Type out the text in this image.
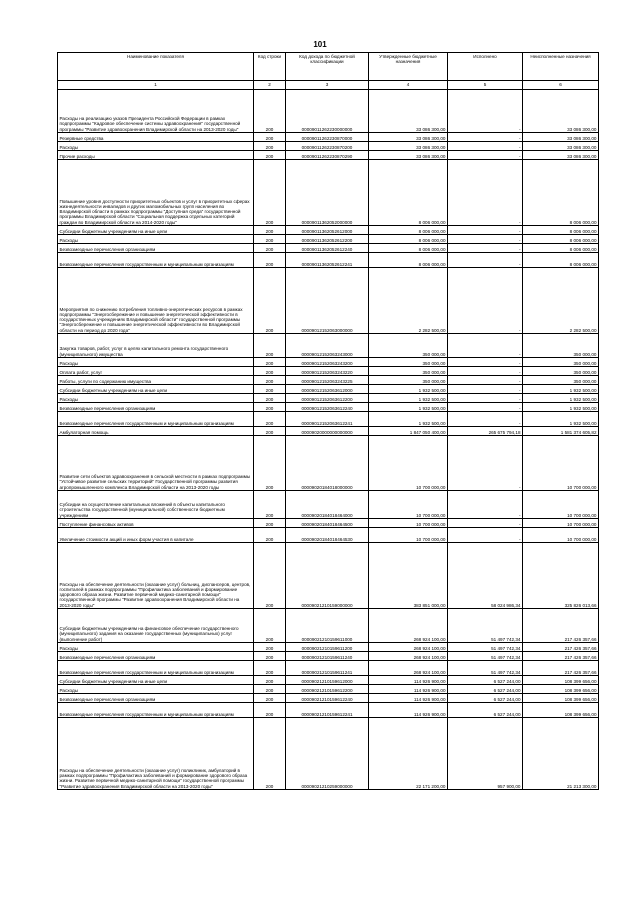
101
Наименование показателя	Код строки	Код дохода по бюджетной классификации	Утвержденные бюджетные назначения	Исполнено	Неисполненные назначения
1	2	3	4	5	6
Расходы на реализацию указов Президента Российской Федерации в рамках подпрограммы "Кадровое обеспечение системы здравоохранения" государственной программы "Развитие здравоохранения Владимирской области на 2013-2020 годы"	200	00009011262230000000	33 086 300,00	-	33 086 300,00
Резервные средства	200	00009011262230870000	33 086 300,00	-	33 086 300,00
Расходы	200	00009011262230870200	33 086 300,00	-	33 086 300,00
Прочие расходы	200	00009011262230870290	33 086 300,00	-	33 086 300,00
Повышение уровня доступности приоритетных объектов и услуг в приоритетных сферах жизнедеятельности инвалидов и других маломобильных групп населения во Владимирской области в рамках подпрограммы "Доступная среда" государственной программы Владимирской области "Социальная поддержка отдельных категорий граждан во Владимирской области на 2014-2020 годы"	200	00009011362052000000	8 006 000,00	-	8 006 000,00
Субсидии бюджетным учреждениям на иные цели	200	00009011362052612000	8 006 000,00	-	8 006 000,00
Расходы	200	00009011362052612200	8 006 000,00	-	8 006 000,00
Безвозмездные перечисления организациям	200	00009011362052612240	8 006 000,00	-	8 006 000,00
Безвозмездные перечисления государственным и муниципальным организациям	200	00009011362052612241	8 006 000,00	-	8 006 000,00
Мероприятия по снижению потребления топливно-энергетических ресурсов в рамках подпрограммы "Энергосбережение и повышение энергетической эффективности в государственных учреждениях Владимирской области" государственной программы "Энергосбережение и повышение энергетической эффективности во Владимирской области на период до 2020 года"	200	00009012152063000000	2 282 500,00	-	2 282 500,00
Закупка товаров, работ, услуг в целях капитального ремонта государственного (муниципального) имущества	200	00009012152063243000	350 000,00	-	350 000,00
Расходы	200	00009012152063243200	350 000,00	-	350 000,00
Оплата работ, услуг	200	00009012152063243220	350 000,00	-	350 000,00
Работы, услуги по содержанию имущества	200	00009012152063243225	350 000,00	-	350 000,00
Субсидии бюджетным учреждениям на иные цели	200	00009012152063612000	1 932 500,00	-	1 932 500,00
Расходы	200	00009012152063612200	1 932 500,00	-	1 932 500,00
Безвозмездные перечисления организациям	200	00009012152063612240	1 932 500,00	-	1 932 500,00
Безвозмездные перечисления государственным и муниципальным организациям	200	00009012152063612241	1 932 500,00	-	1 932 500,00
Амбулаторная помощь	200	00009020000000000000	1 847 050 400,00	265 675 794,18	1 581 374 605,82
Развитие сети объектов здравоохранения в сельской местности в рамках подпрограммы "Устойчивое развитие сельских территорий" Государственной программы развития агропромышленного комплекса Владимирской области на 2013-2020 годы	200	00009020184018000000	10 700 000,00	-	10 700 000,00
Субсидии на осуществление капитальных вложений в объекты капитального строительства государственной (муниципальной) собственности бюджетным учреждениям	200	00009020184018464000	10 700 000,00	-	10 700 000,00
Поступление финансовых активов	200	00009020184018464500	10 700 000,00	-	10 700 000,00
Увеличение стоимости акций и иных форм участия в капитале	200	00009020184018464530	10 700 000,00	-	10 700 000,00
Расходы на обеспечение деятельности (оказание услуг) больниц, диспансеров, центров, госпиталей в рамках подпрограммы "Профилактика заболеваний и формирование здорового образа жизни. Развитие первичной медико-санитарной помощи" государственной программы "Развитие здравоохранения Владимирской области на 2013-2020 годы"	200	00009021210159000000	383 851 000,00	58 024 986,34	325 826 013,66
Субсидии бюджетным учреждениям на финансовое обеспечение государственного (муниципального) задания на оказание государственных (муниципальных) услуг (выполнение работ)	200	00009021210159611000	268 924 100,00	51 497 742,34	217 426 357,66
Расходы	200	00009021210159611200	268 924 100,00	51 497 742,34	217 426 357,66
Безвозмездные перечисления организациям	200	00009021210159611240	268 924 100,00	51 497 742,34	217 426 357,66
Безвозмездные перечисления государственным и муниципальным организациям	200	00009021210159611241	268 924 100,00	51 497 742,34	217 426 357,66
Субсидии бюджетным учреждениям на иные цели	200	00009021210159612000	114 926 900,00	6 527 244,00	108 399 656,00
Расходы	200	00009021210159612200	114 926 900,00	6 527 244,00	108 399 656,00
Безвозмездные перечисления организациям	200	00009021210159612240	114 926 900,00	6 527 244,00	108 399 656,00
Безвозмездные перечисления государственным и муниципальным организациям	200	00009021210159612241	114 926 900,00	6 527 244,00	108 399 656,00
Расходы на обеспечение деятельности (оказание услуг) поликлиник, амбулаторий в рамках подпрограммы "Профилактика заболеваний и формирование здорового образа жизни. Развитие первичной медико-санитарной помощи" государственной программы "Развитие здравоохранения Владимирской области на 2013-2020 годы"	200	00009021210259000000	22 171 200,00	957 900,00	21 213 300,00
